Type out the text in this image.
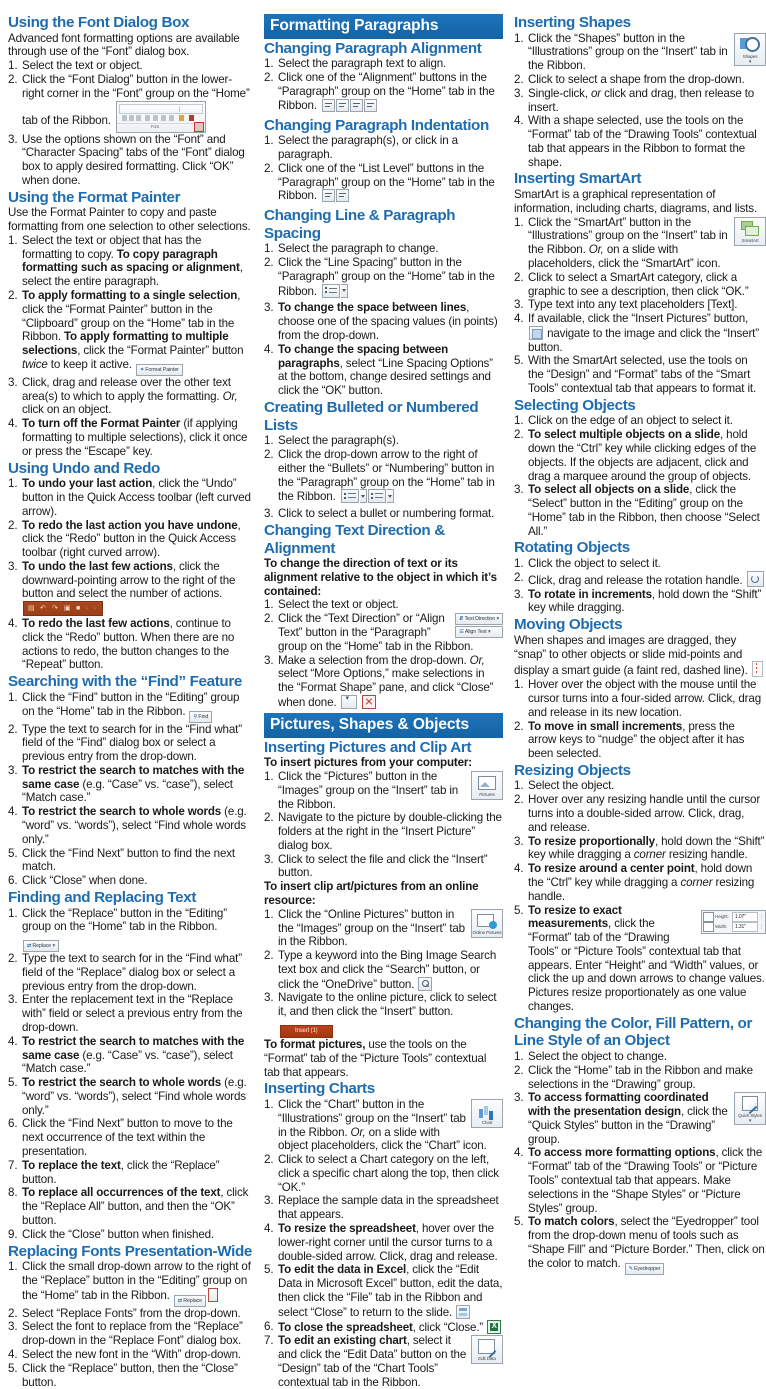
Using the Font Dialog Box

Advanced font formatting options are available through use of the “Font” dialog box.

Select the text or object.
Click the “Font Dialog” button in the lower-right corner in the “Font” group on the “Home” tab of the Ribbon.	Font
Use the options shown on the “Font” and “Character Spacing” tabs of the “Font” dialog box to apply desired formatting. Click “OK” when done.
Using the Format Painter

Use the Format Painter to copy and paste formatting from one selection to other selections.

Select the text or object that has the formatting to copy. To copy paragraph formatting such as spacing or alignment, select the entire paragraph.
To apply formatting to a single selection, click the “Format Painter” button in the “Clipboard” group on the “Home” tab in the Ribbon. To apply formatting to multiple selections, click the “Format Painter” button twice to keep it active. ✦Format Painter
Click, drag and release over the other text area(s) to which to apply the formatting. Or, click on an object.
To turn off the Format Painter (if applying formatting to multiple selections), click it once or press the “Escape” key.
Using Undo and Redo
To undo your last action, click the “Undo” button in the Quick Access toolbar (left curved arrow).
To redo the last action you have undone, click the “Redo” button in the Quick Access toolbar (right curved arrow).
To undo the last few actions, click the downward-pointing arrow to the right of the button and select the number of actions.
▤ ↶ ↷ ▣ ■ · ·
To redo the last few actions, continue to click the “Redo” button. When there are no actions to redo, the button changes to the “Repeat” button.
Searching with the “Find” Feature
Click the “Find” button in the “Editing” group on the “Home” tab in the Ribbon. ⚲Find
Type the text to search for in the “Find what” field of the “Find” dialog box or select a previous entry from the drop-down.
To restrict the search to matches with the same case (e.g. “Case” vs. “case”), select “Match case.”
To restrict the search to whole words (e.g. “word” vs. “words”), select “Find whole words only.”
Click the “Find Next” button to find the next match.
Click “Close” when done.
Finding and Replacing Text
Click the “Replace” button in the “Editing” group on the “Home” tab in the Ribbon. ⇄Replace ▾
Type the text to search for in the “Find what” field of the “Replace” dialog box or select a previous entry from the drop-down.
Enter the replacement text in the “Replace with” field or select a previous entry from the drop-down.
To restrict the search to matches with the same case (e.g. “Case” vs. “case”), select “Match case.”
To restrict the search to whole words (e.g. “word” vs. “words”), select “Find whole words only.”
Click the “Find Next” button to move to the next occurrence of the text within the presentation.
To replace the text, click the “Replace” button.
To replace all occurrences of the text, click the “Replace All” button, and then the “OK” button.
Click the “Close” button when finished.
Replacing Fonts Presentation-Wide
Click the small drop-down arrow to the right of the “Replace” button in the “Editing” group on the “Home” tab in the Ribbon. ⇄Replace
Select “Replace Fonts” from the drop-down.
Select the font to replace from the “Replace” drop-down in the “Replace Font” dialog box.
Select the new font in the “With” drop-down.
Click the “Replace” button, then the “Close” button.
Formatting Paragraphs
Changing Paragraph Alignment
Select the paragraph text to align.
Click one of the “Alignment” buttons in the “Paragraph” group on the “Home” tab in the Ribbon.
Changing Paragraph Indentation
Select the paragraph(s), or click in a paragraph.
Click one of the “List Level” buttons in the “Paragraph” group on the “Home” tab in the Ribbon.
Changing Line & Paragraph Spacing
Select the paragraph to change.
Click the “Line Spacing” button in the “Paragraph” group on the “Home” tab in the Ribbon.
To change the space between lines, choose one of the spacing values (in points) from the drop-down.
To change the spacing between paragraphs, select “Line Spacing Options” at the bottom, change desired settings and click the “OK” button.
Creating Bulleted or Numbered Lists
Select the paragraph(s).
Click the drop-down arrow to the right of either the “Bullets” or “Numbering” button in the “Paragraph” group on the “Home” tab in the Ribbon.
Click to select a bullet or numbering format.
Changing Text Direction & Alignment

To change the direction of text or its alignment relative to the object in which it’s contained:

Select the text or object.
⇵Text Direction ▾
☰Align Text ▾
Click the “Text Direction” or “Align Text” button in the “Paragraph” group on the “Home” tab in the Ribbon.
Make a selection from the drop-down. Or, select “More Options,” make selections in the “Format Shape” pane, and click “Close” when done. ▾

Pictures, Shapes & Objects
Inserting Pictures and Clip Art

To insert pictures from your computer:

Pictures
Click the “Pictures” button in the “Images” group on the “Insert” tab in the Ribbon.
Navigate to the picture by double-clicking the folders at the right in the “Insert Picture” dialog box.
Click to select the file and click the “Insert” button.

To insert clip art/pictures from an online resource:

Online Pictures
Click the “Online Pictures” button in the “Images” group on the “Insert” tab in the Ribbon.
Type a keyword into the Bing Image Search text box and click the “Search” button, or click the “OneDrive” button.
Navigate to the online picture, click to select it, and then click the “Insert” button. Insert (1)

To format pictures, use the tools on the “Format” tab of the “Picture Tools” contextual tab that appears.

Inserting Charts
Chart
Click the “Chart” button in the “Illustrations” group on the “Insert” tab in the Ribbon. Or, on a slide with object placeholders, click the “Chart” icon.
Click to select a Chart category on the left, click a specific chart along the top, then click “OK.”
Replace the sample data in the spreadsheet that appears.
To resize the spreadsheet, hover over the lower-right corner until the cursor turns to a double-sided arrow. Click, drag and release.
To edit the data in Excel, click the “Edit Data in Microsoft Excel” button, edit the data, then click the “File” tab in the Ribbon and select “Close” to return to the slide.
To close the spreadsheet, click “Close.” X
Edit Data
To edit an existing chart, select it and click the “Edit Data” button on the “Design” tab of the “Chart Tools” contextual tab in the Ribbon.
Inserting Shapes
Shapes
▾
Click the “Shapes” button in the “Illustrations” group on the “Insert” tab in the Ribbon.
Click to select a shape from the drop-down.
Single-click, or click and drag, then release to insert.
With a shape selected, use the tools on the “Format” tab of the “Drawing Tools” contextual tab that appears in the Ribbon to format the shape.
Inserting SmartArt

SmartArt is a graphical representation of information, including charts, diagrams, and lists.

SmartArt
Click the “SmartArt” button in the “Illustrations” group on the “Insert” tab in the Ribbon. Or, on a slide with placeholders, click the “SmartArt” icon.
Click to select a SmartArt category, click a graphic to see a description, then click “OK.”
Type text into any text placeholders [Text].
If available, click the “Insert Pictures” button,
navigate to the image and click the “Insert” button.
With the SmartArt selected, use the tools on the “Design” and “Format” tabs of the “Smart Tools” contextual tab that appears to format it.
Selecting Objects
Click on the edge of an object to select it.
To select multiple objects on a slide, hold down the “Ctrl” key while clicking edges of the objects. If the objects are adjacent, click and drag a marquee around the group of objects.
To select all objects on a slide, click the “Select” button in the “Editing” group on the “Home” tab in the Ribbon, then choose “Select All.”
Rotating Objects
Click the object to select it.
Click, drag and release the rotation handle.
To rotate in increments, hold down the “Shift” key while dragging.
Moving Objects

When shapes and images are dragged, they “snap” to other objects or slide mid-points and display a smart guide (a faint red, dashed line).

Hover over the object with the mouse until the cursor turns into a four-sided arrow. Click, drag and release in its new location.
To move in small increments, press the arrow keys to “nudge” the object after it has been selected.
Resizing Objects
Select the object.
Hover over any resizing handle until the cursor turns into a double-sided arrow. Click, drag, and release.
To resize proportionally, hold down the “Shift” key while dragging a corner resizing handle.
To resize around a center point, hold down the “Ctrl” key while dragging a corner resizing handle.
Height:	1.07"	⋮
Width:	1.31"	⋮
To resize to exact measurements, click the “Format” tab of the “Drawing Tools” or “Picture Tools” contextual tab that appears. Enter “Height” and “Width” values, or click the up and down arrows to change values. Pictures resize proportionately as one value changes.
Changing the Color, Fill Pattern, or Line Style of an Object
Select the object to change.
Click the “Home” tab in the Ribbon and make selections in the “Drawing” group.
Quick Styles
▾
To access formatting coordinated with the presentation design, click the “Quick Styles” button in the “Drawing” group.
To access more formatting options, click the “Format” tab of the “Drawing Tools” or “Picture Tools” contextual tab that appears. Make selections in the “Shape Styles” or “Picture Styles” group.
To match colors, select the “Eyedropper” tool from the drop-down menu of tools such as “Shape Fill” and “Picture Border.” Then, click on the color to match. ✎Eyedropper
